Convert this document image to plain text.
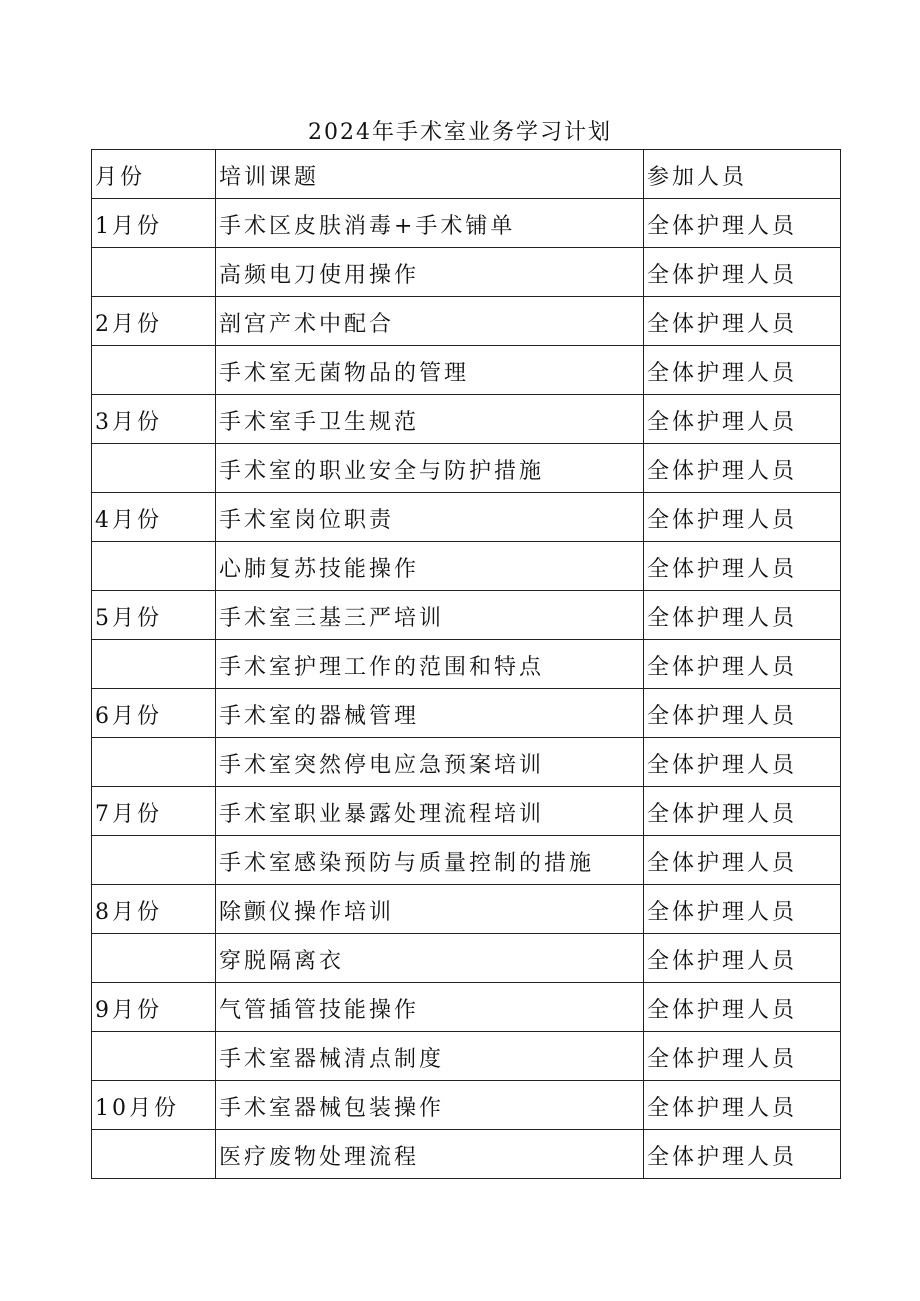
2024年手术室业务学习计划
月份	培训课题	参加人员
1月份	手术区皮肤消毒+手术铺单	全体护理人员
	高频电刀使用操作	全体护理人员
2月份	剖宫产术中配合	全体护理人员
	手术室无菌物品的管理	全体护理人员
3月份	手术室手卫生规范	全体护理人员
	手术室的职业安全与防护措施	全体护理人员
4月份	手术室岗位职责	全体护理人员
	心肺复苏技能操作	全体护理人员
5月份	手术室三基三严培训	全体护理人员
	手术室护理工作的范围和特点	全体护理人员
6月份	手术室的器械管理	全体护理人员
	手术室突然停电应急预案培训	全体护理人员
7月份	手术室职业暴露处理流程培训	全体护理人员
	手术室感染预防与质量控制的措施	全体护理人员
8月份	除颤仪操作培训	全体护理人员
	穿脱隔离衣	全体护理人员
9月份	气管插管技能操作	全体护理人员
	手术室器械清点制度	全体护理人员
10月份	手术室器械包装操作	全体护理人员
	医疗废物处理流程	全体护理人员
